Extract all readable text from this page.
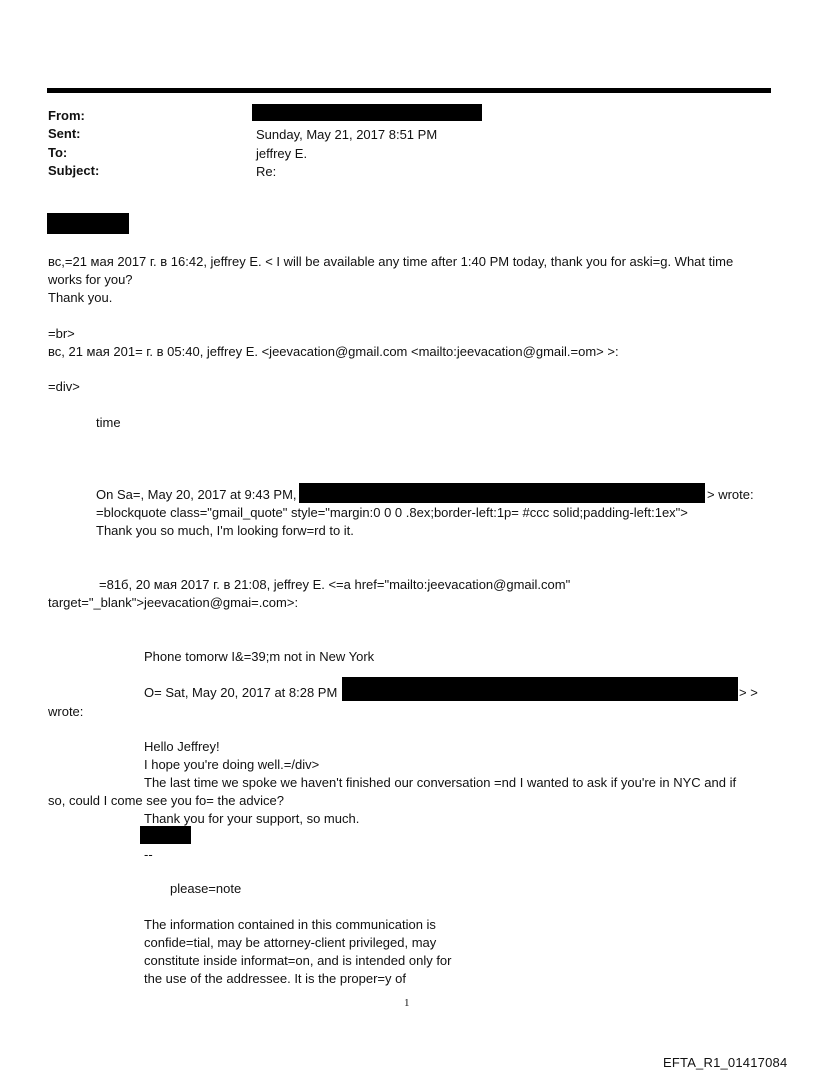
From:
Sent:	Sunday, May 21, 2017 8:51 PM
To:	jeffrey E.
Subject:	Re:
вс,=21 мая 2017 г. в 16:42, jeffrey E. < I will be available any time after 1:40 PM today, thank you for aski=g. What time
works for you?
Thank you.
=br>
вс, 21 мая 201= г. в 05:40, jeffrey E. <jeevacation@gmail.com <mailto:jeevacation@gmail.=om> >:
=div>
time
On Sa=, May 20, 2017 at 9:43 PM,	> wrote:
=blockquote class="gmail_quote" style="margin:0 0 0 .8ex;border-left:1p= #ccc solid;padding-left:1ex">
Thank you so much, I'm looking forw=rd to it.
=81б, 20 мая 2017 г. в 21:08, jeffrey E. <=a href="mailto:jeevacation@gmail.com"
target="_blank">jeevacation@gmai=.com>:
Phone tomorw I&=39;m not in New York
O= Sat, May 20, 2017 at 8:28 PM	> >
wrote:
Hello Jeffrey!
I hope you're doing well.=/div>
The last time we spoke we haven't finished our conversation =nd I wanted to ask if you're in NYC and if
so, could I come see you fo= the advice?
Thank you for your support, so much.
--
please=note
The information contained in this communication is
confide=tial, may be attorney-client privileged, may
constitute inside informat=on, and is intended only for
the use of the addressee. It is the proper=y of
1
EFTA_R1_01417084
